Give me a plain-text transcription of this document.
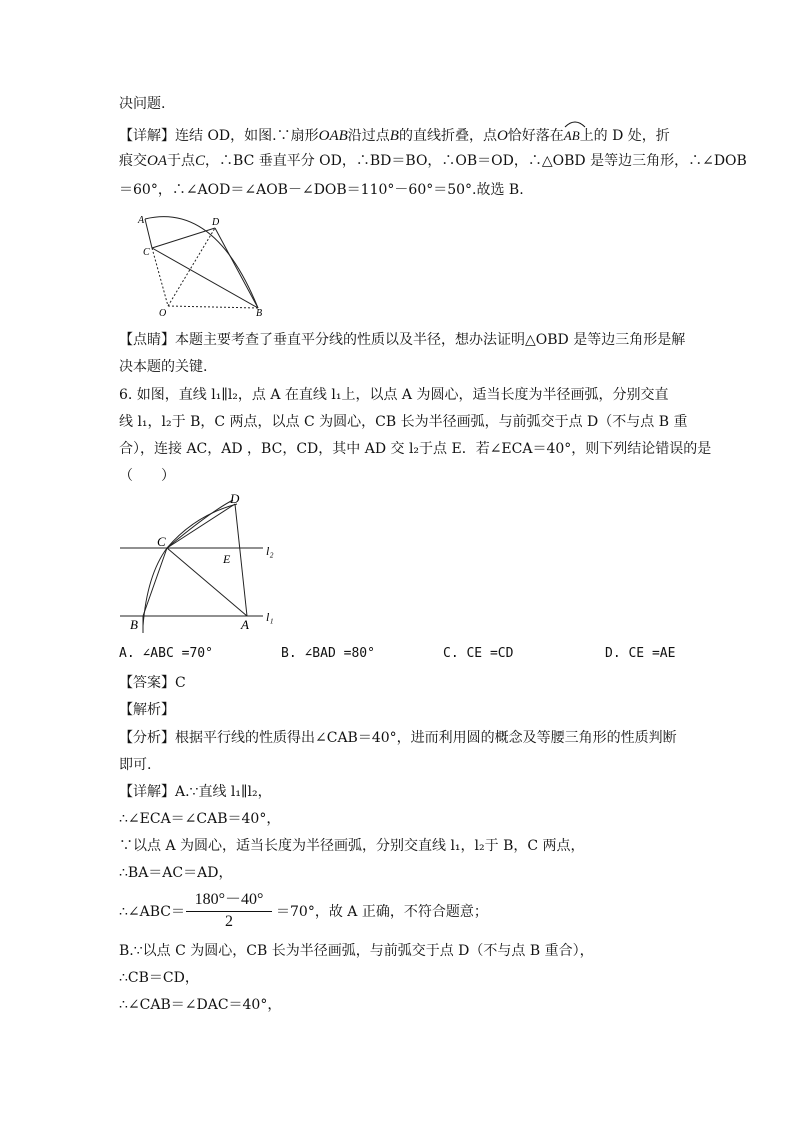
决问题.
【详解】连结 OD，如图.∵扇形OAB沿过点B的直线折叠，点O恰好落在
AB上的 D 处，折
痕交OA于点C，∴BC 垂直平分 OD，∴BD＝BO，∴OB＝OD，∴△OBD 是等边三角形，∴∠DOB
＝60°，∴∠AOD＝∠AOB－∠DOB＝110°－60°＝50°.故选 B.
A	D
C
O	B
【点睛】本题主要考查了垂直平分线的性质以及半径，想办法证明△OBD 是等边三角形是解
决本题的关键.
6. 如图，直线 l₁∥l₂，点 A 在直线 l₁上，以点 A 为圆心，适当长度为半径画弧，分别交直
线 l₁，l₂于 B，C 两点，以点 C 为圆心，CB 长为半径画弧，与前弧交于点 D（不与点 B 重
合），连接 AC，AD ，BC，CD，其中 AD 交 l₂于点 E．若∠ECA＝40°，则下列结论错误的是
（　　）
D
C
E
l₂
B	A l₁
A. ∠ABC =70°	B. ∠BAD =80°	C. CE =CD	D. CE =AE
【答案】C
【解析】
【分析】根据平行线的性质得出∠CAB＝40°，进而利用圆的概念及等腰三角形的性质判断
即可.
【详解】A.∵直线 l₁∥l₂，
∴∠ECA＝∠CAB＝40°，
∵以点 A 为圆心，适当长度为半径画弧，分别交直线 l₁，l₂于 B，C 两点，
∴BA＝AC＝AD，
∴∠ABC＝ $\frac{180^\circ-40^\circ}{2} =70^\circ$，故 A 正确，不符合题意；
B.∵以点 C 为圆心，CB 长为半径画弧，与前弧交于点 D（不与点 B 重合），
∴CB＝CD，
∴∠CAB＝∠DAC＝40°，
